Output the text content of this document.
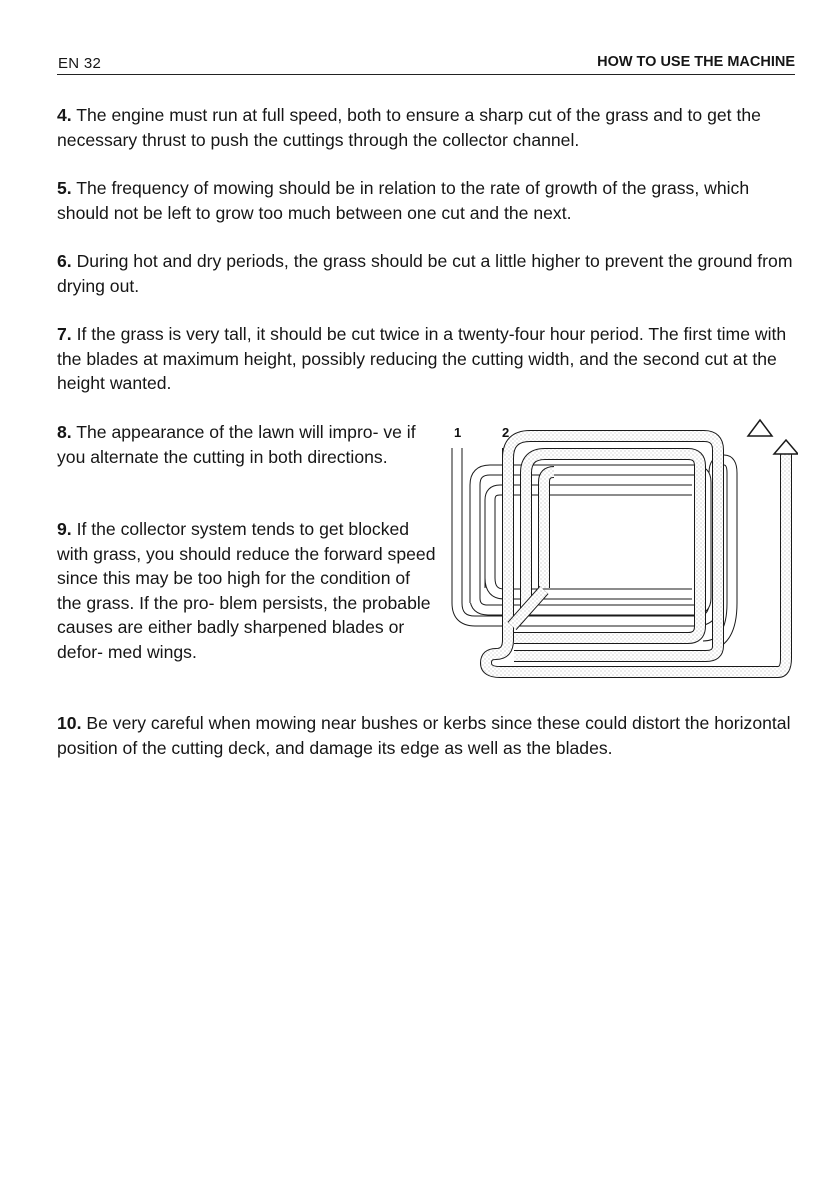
EN 32	HOW TO USE THE MACHINE

4. The engine must run at full speed, both to ensure a sharp cut of the grass and to get the necessary thrust to push the cuttings through the collector channel.

5. The frequency of mowing should be in relation to the rate of growth of the grass, which should not be left to grow too much between one cut and the next.

6. During hot and dry periods, the grass should be cut a little higher to prevent the ground from drying out.

7. If the grass is very tall, it should be cut twice in a twenty-four hour period. The first time with the blades at maximum height, possibly reducing the cutting width, and the second cut at the height wanted.

8. The appearance of the lawn will impro- ve if you alternate the cutting in both directions.

9. If the collector system tends to get blocked with grass, you should reduce the forward speed since this may be too high for the condition of the grass. If the pro- blem persists, the probable causes are either badly sharpened blades or defor- med wings.

10. Be very careful when mowing near bushes or kerbs since these could distort the horizontal position of the cutting deck, and damage its edge as well as the blades.

1	2
